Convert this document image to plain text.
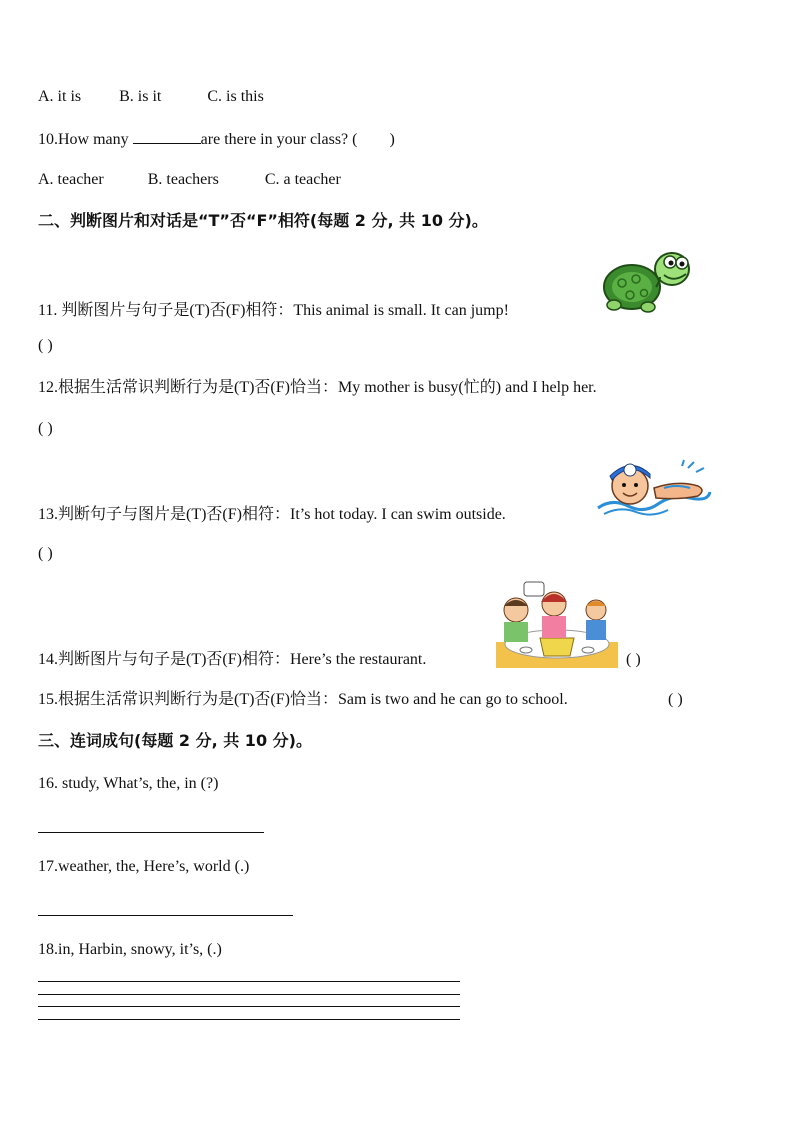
A. it is B. is it	C. is this
10.How many	are there in your class? ( )
A. teacher	B. teachers	C. a teacher
二、判断图片和对话是“T”否“F”相符(每题 2 分, 共 10 分)。
11. 判断图片与句子是(T)否(F)相符：This animal is small. It can jump!
( )
12.根据生活常识判断行为是(T)否(F)恰当：My mother is busy(忙的) and I help her.
( )
13.判断句子与图片是(T)否(F)相符：It’s hot today. I can swim outside.
( )
14.判断图片与句子是(T)否(F)相符：Here’s the restaurant.	( )
15.根据生活常识判断行为是(T)否(F)恰当：Sam is two and he can go to school.	( )
三、连词成句(每题 2 分, 共 10 分)。
16. study, What’s, the, in (?)
17.weather, the, Here’s, world (.)
18.in, Harbin, snowy, it’s, (.)
